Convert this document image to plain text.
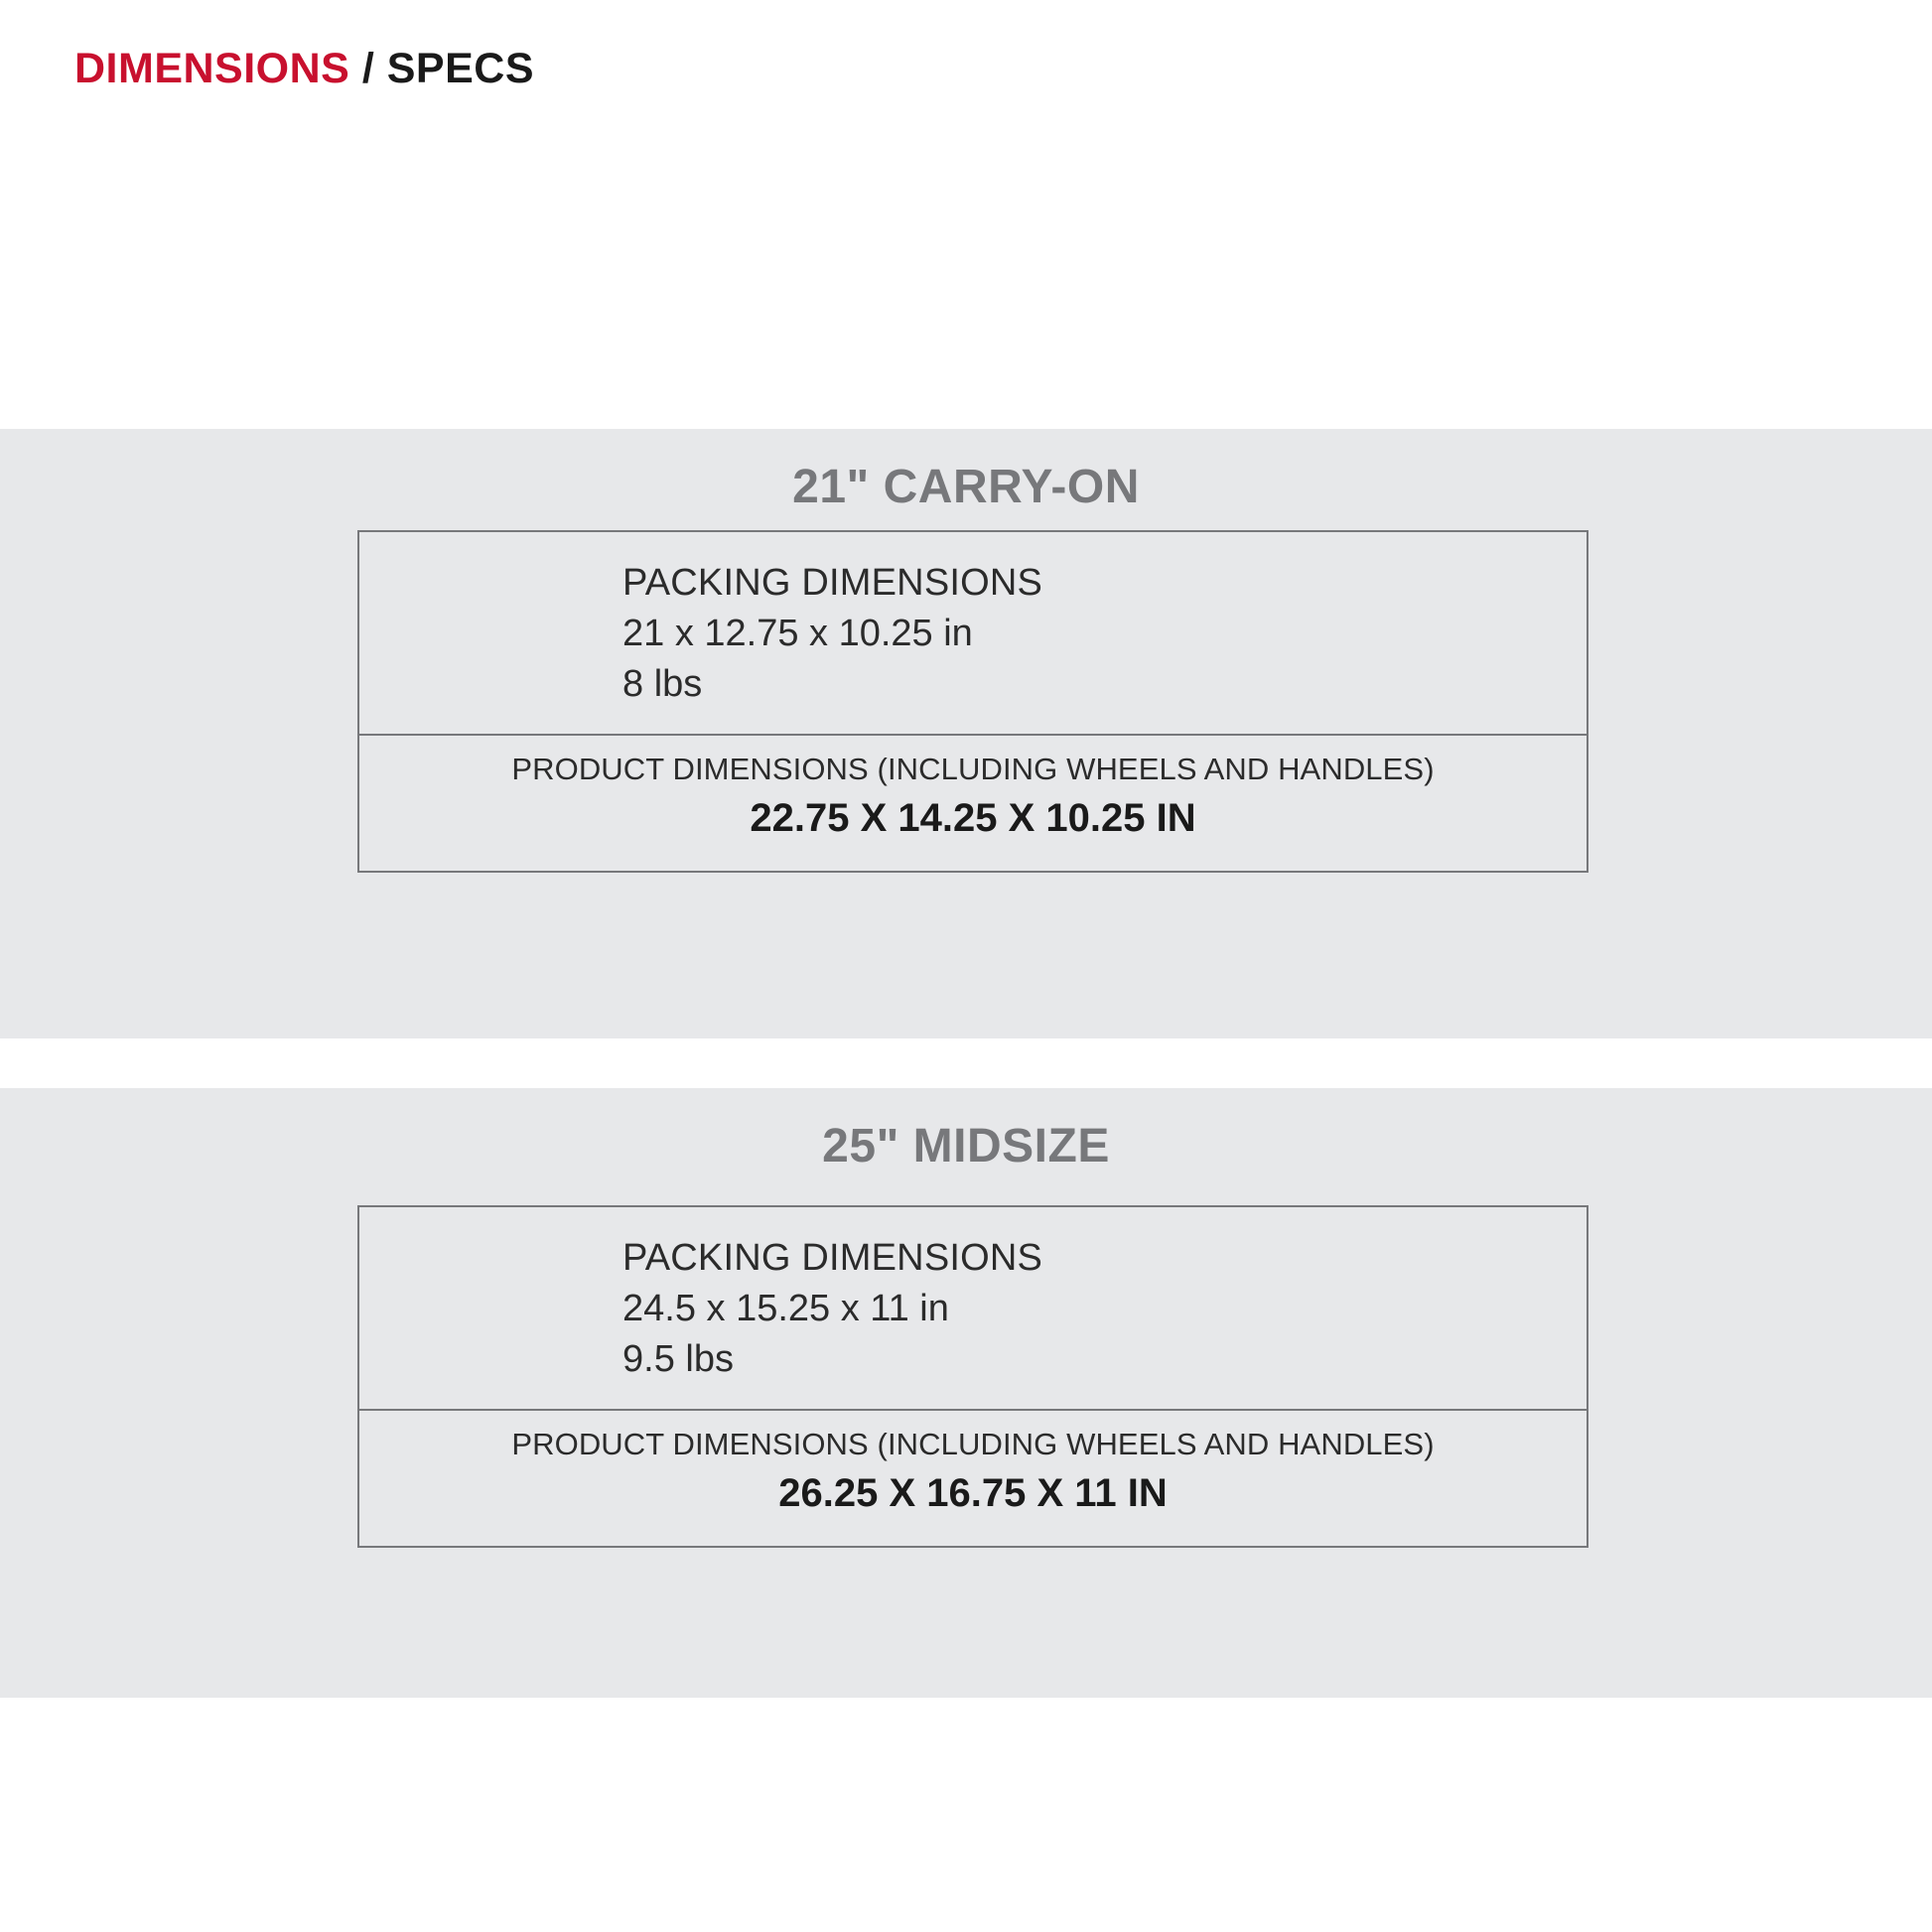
DIMENSIONS / SPECS
21" CARRY-ON
PACKING DIMENSIONS
21 x 12.75 x 10.25 in
8 lbs
PRODUCT DIMENSIONS (INCLUDING WHEELS AND HANDLES)
22.75 X 14.25 X 10.25 IN
25" MIDSIZE
PACKING DIMENSIONS
24.5 x 15.25 x 11 in
9.5 lbs
PRODUCT DIMENSIONS (INCLUDING WHEELS AND HANDLES)
26.25 X 16.75 X 11 IN
